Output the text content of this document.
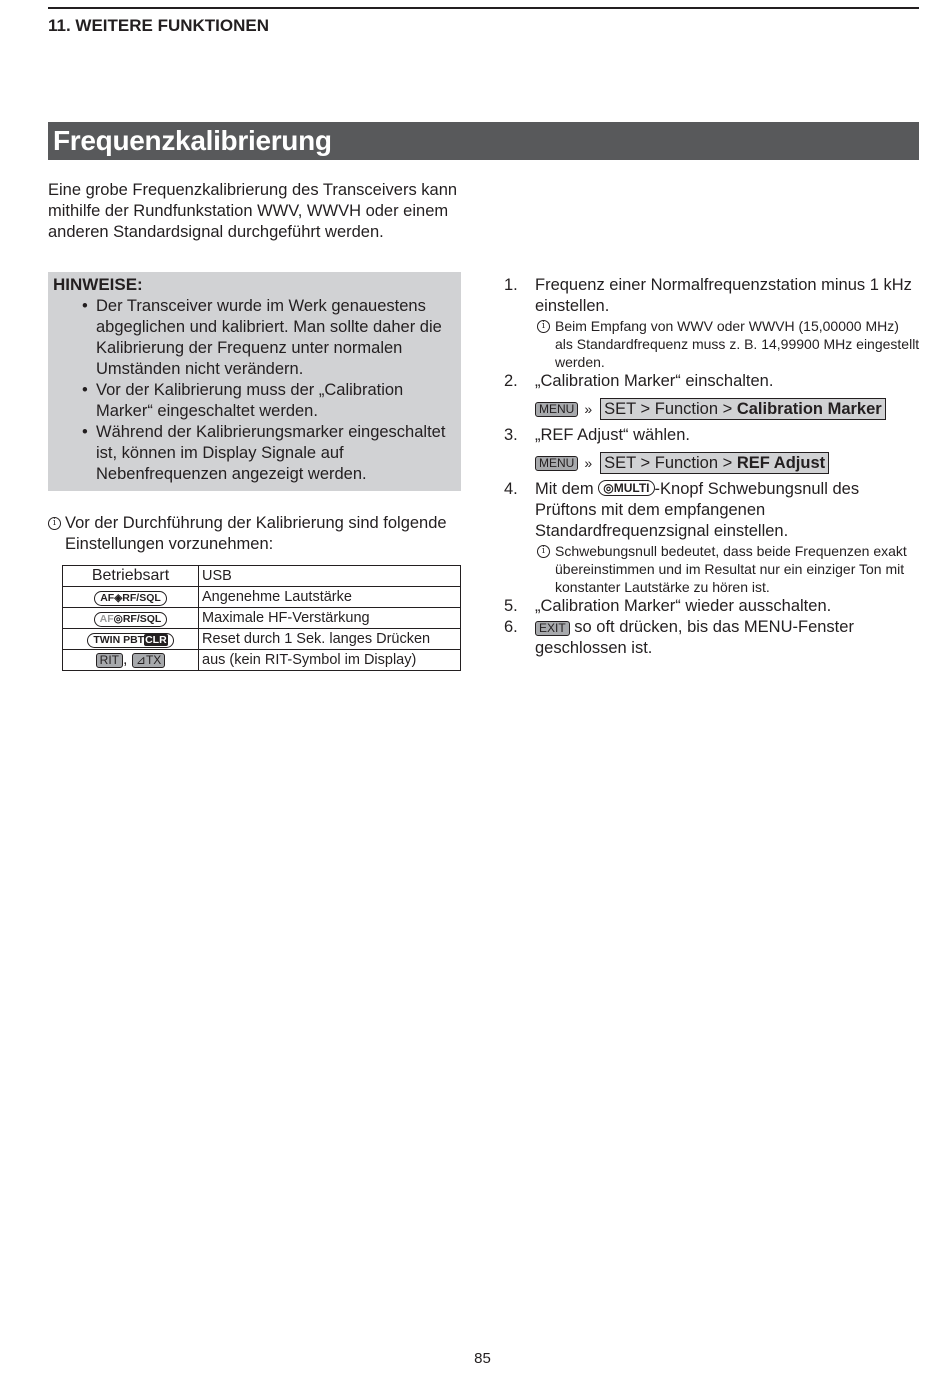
11. WEITERE FUNKTIONEN
Frequenzkalibrierung
Eine grobe Frequenzkalibrierung des Transceivers kann mithilfe der Rundfunkstation WWV, WWVH oder einem anderen Standardsignal durchgeführt werden.
HINWEISE:
• Der Transceiver wurde im Werk genauestens abgeglichen und kalibriert. Man sollte daher die Kalibrierung der Frequenz unter normalen Umständen nicht verändern.
• Vor der Kalibrierung muss der „Calibration Marker“ eingeschaltet werden.
• Während der Kalibrierungsmarker eingeschaltet ist, können im Display Signale auf Nebenfrequenzen angezeigt werden.
i Vor der Durchführung der Kalibrierung sind folgende Einstellungen vorzunehmen:
Betriebsart	USB
AF◈RF/SQL	Angenehme Lautstärke
AF◎RF/SQL	Maximale HF-Verstärkung
TWIN PBTCLR	Reset durch 1 Sek. langes Drücken
RIT , ⊿TX	aus (kein RIT-Symbol im Display)
1. Frequenz einer Normalfrequenzstation minus 1 kHz einstellen.
i Beim Empfang von WWV oder WWVH (15,00000 MHz) als Standardfrequenz muss z. B. 14,99900 MHz eingestellt werden.
2. „Calibration Marker“ einschalten.
MENU » SET > Function > Calibration Marker
3. „REF Adjust“ wählen.
MENU » SET > Function > REF Adjust
4. Mit dem ◎MULTI -Knopf Schwebungsnull des Prüftons mit dem empfangenen Standardfrequenzsignal einstellen.
i Schwebungsnull bedeutet, dass beide Frequenzen exakt übereinstimmen und im Resultat nur ein einziger Ton mit konstanter Lautstärke zu hören ist.
5. „Calibration Marker“ wieder ausschalten.
6.	EXIT so oft drücken, bis das MENU-Fenster geschlossen ist.
85
